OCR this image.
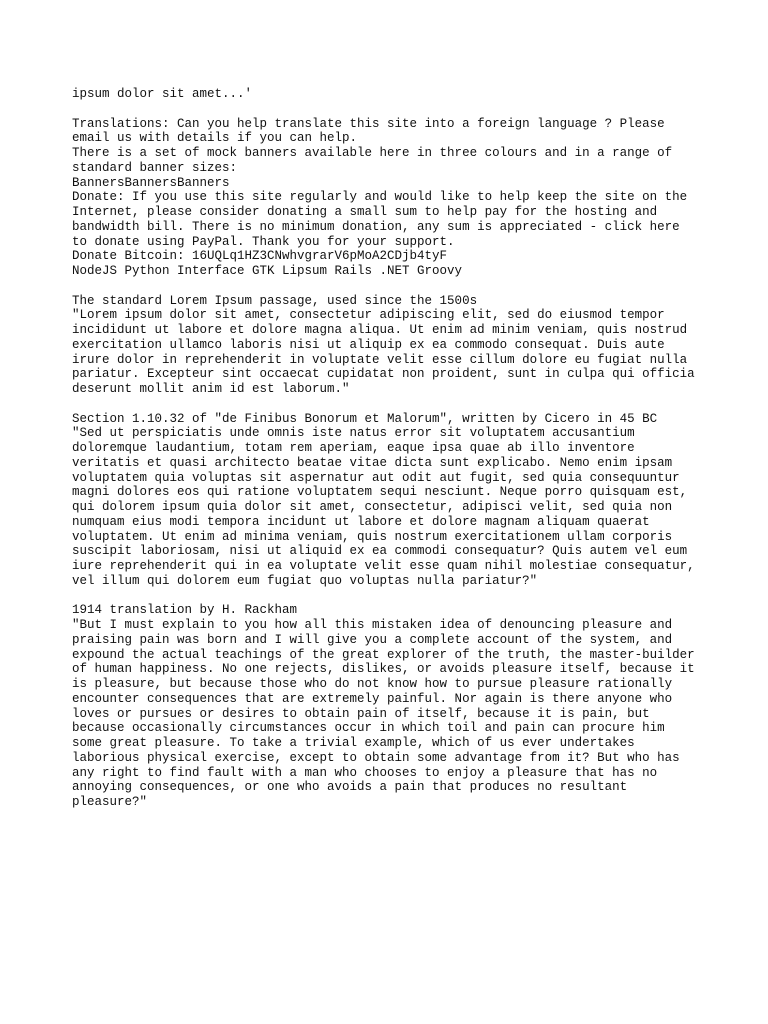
ipsum dolor sit amet...'
Translations: Can you help translate this site into a foreign language ? Please
email us with details if you can help.
There is a set of mock banners available here in three colours and in a range of
standard banner sizes:
BannersBannersBanners
Donate: If you use this site regularly and would like to help keep the site on the
Internet, please consider donating a small sum to help pay for the hosting and
bandwidth bill. There is no minimum donation, any sum is appreciated - click here
to donate using PayPal. Thank you for your support.
Donate Bitcoin: 16UQLq1HZ3CNwhvgrarV6pMoA2CDjb4tyF
NodeJS Python Interface GTK Lipsum Rails .NET Groovy
The standard Lorem Ipsum passage, used since the 1500s
"Lorem ipsum dolor sit amet, consectetur adipiscing elit, sed do eiusmod tempor
incididunt ut labore et dolore magna aliqua. Ut enim ad minim veniam, quis nostrud
exercitation ullamco laboris nisi ut aliquip ex ea commodo consequat. Duis aute
irure dolor in reprehenderit in voluptate velit esse cillum dolore eu fugiat nulla
pariatur. Excepteur sint occaecat cupidatat non proident, sunt in culpa qui officia
deserunt mollit anim id est laborum."
Section 1.10.32 of "de Finibus Bonorum et Malorum", written by Cicero in 45 BC
"Sed ut perspiciatis unde omnis iste natus error sit voluptatem accusantium
doloremque laudantium, totam rem aperiam, eaque ipsa quae ab illo inventore
veritatis et quasi architecto beatae vitae dicta sunt explicabo. Nemo enim ipsam
voluptatem quia voluptas sit aspernatur aut odit aut fugit, sed quia consequuntur
magni dolores eos qui ratione voluptatem sequi nesciunt. Neque porro quisquam est,
qui dolorem ipsum quia dolor sit amet, consectetur, adipisci velit, sed quia non
numquam eius modi tempora incidunt ut labore et dolore magnam aliquam quaerat
voluptatem. Ut enim ad minima veniam, quis nostrum exercitationem ullam corporis
suscipit laboriosam, nisi ut aliquid ex ea commodi consequatur? Quis autem vel eum
iure reprehenderit qui in ea voluptate velit esse quam nihil molestiae consequatur,
vel illum qui dolorem eum fugiat quo voluptas nulla pariatur?"
1914 translation by H. Rackham
"But I must explain to you how all this mistaken idea of denouncing pleasure and
praising pain was born and I will give you a complete account of the system, and
expound the actual teachings of the great explorer of the truth, the master-builder
of human happiness. No one rejects, dislikes, or avoids pleasure itself, because it
is pleasure, but because those who do not know how to pursue pleasure rationally
encounter consequences that are extremely painful. Nor again is there anyone who
loves or pursues or desires to obtain pain of itself, because it is pain, but
because occasionally circumstances occur in which toil and pain can procure him
some great pleasure. To take a trivial example, which of us ever undertakes
laborious physical exercise, except to obtain some advantage from it? But who has
any right to find fault with a man who chooses to enjoy a pleasure that has no
annoying consequences, or one who avoids a pain that produces no resultant
pleasure?"
